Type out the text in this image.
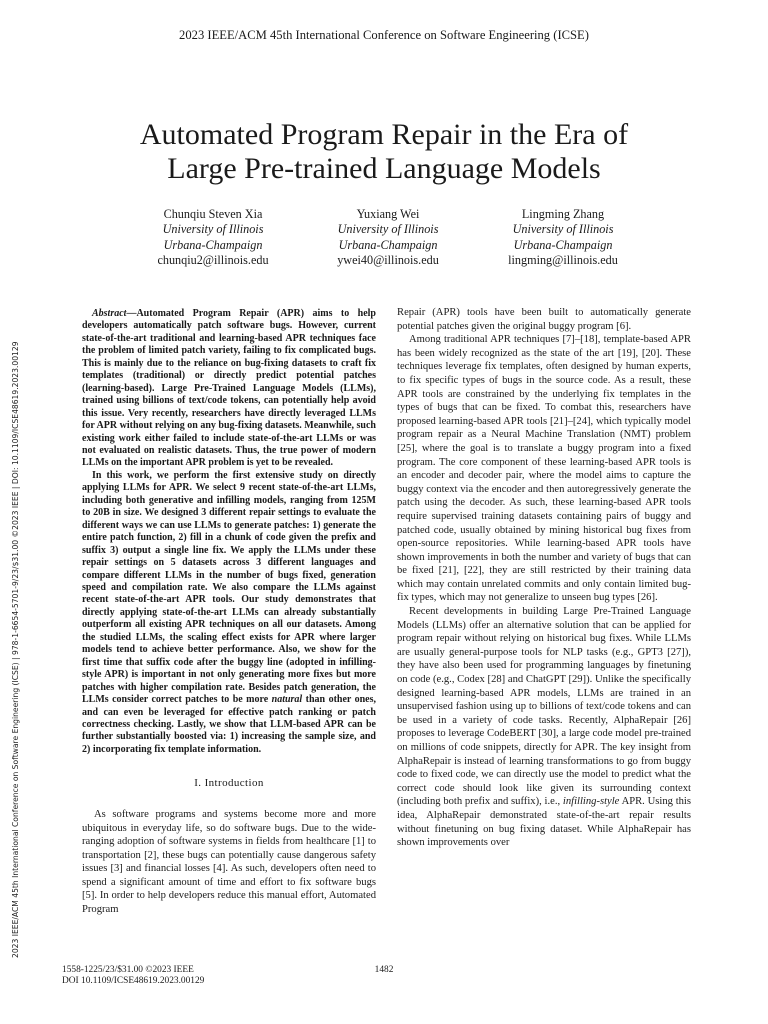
2023 IEEE/ACM 45th International Conference on Software Engineering (ICSE)
Automated Program Repair in the Era of
Large Pre-trained Language Models
Chunqiu Steven Xia
University of Illinois
Urbana-Champaign
chunqiu2@illinois.edu
Yuxiang Wei
University of Illinois
Urbana-Champaign
ywei40@illinois.edu
Lingming Zhang
University of Illinois
Urbana-Champaign
lingming@illinois.edu
2023 IEEE/ACM 45th International Conference on Software Engineering (ICSE) | 978-1-6654-5701-9/23/$31.00 ©2023 IEEE | DOI: 10.1109/ICSE48619.2023.00129

Abstract—Automated Program Repair (APR) aims to help developers automatically patch software bugs. However, current state-of-the-art traditional and learning-based APR techniques face the problem of limited patch variety, failing to fix complicated bugs. This is mainly due to the reliance on bug-fixing datasets to craft fix templates (traditional) or directly predict potential patches (learning-based). Large Pre-Trained Language Models (LLMs), trained using billions of text/code tokens, can potentially help avoid this issue. Very recently, researchers have directly leveraged LLMs for APR without relying on any bug-fixing datasets. Meanwhile, such existing work either failed to include state-of-the-art LLMs or was not evaluated on realistic datasets. Thus, the true power of modern LLMs on the important APR problem is yet to be revealed.

In this work, we perform the first extensive study on directly applying LLMs for APR. We select 9 recent state-of-the-art LLMs, including both generative and infilling models, ranging from 125M to 20B in size. We designed 3 different repair settings to evaluate the different ways we can use LLMs to generate patches: 1) generate the entire patch function, 2) fill in a chunk of code given the prefix and suffix 3) output a single line fix. We apply the LLMs under these repair settings on 5 datasets across 3 different languages and compare different LLMs in the number of bugs fixed, generation speed and compilation rate. We also compare the LLMs against recent state-of-the-art APR tools. Our study demonstrates that directly applying state-of-the-art LLMs can already substantially outperform all existing APR techniques on all our datasets. Among the studied LLMs, the scaling effect exists for APR where larger models tend to achieve better performance. Also, we show for the first time that suffix code after the buggy line (adopted in infilling-style APR) is important in not only generating more fixes but more patches with higher compilation rate. Besides patch generation, the LLMs consider correct patches to be more natural than other ones, and can even be leveraged for effective patch ranking or patch correctness checking. Lastly, we show that LLM-based APR can be further substantially boosted via: 1) increasing the sample size, and 2) incorporating fix template information.

I. Introduction

As software programs and systems become more and more ubiquitous in everyday life, so do software bugs. Due to the wide-ranging adoption of software systems in fields from healthcare [1] to transportation [2], these bugs can potentially cause dangerous safety issues [3] and financial losses [4]. As such, developers often need to spend a significant amount of time and effort to fix software bugs [5]. In order to help developers reduce this manual effort, Automated Program

Repair (APR) tools have been built to automatically generate potential patches given the original buggy program [6].

Among traditional APR techniques [7]–[18], template-based APR has been widely recognized as the state of the art [19], [20]. These techniques leverage fix templates, often designed by human experts, to fix specific types of bugs in the source code. As a result, these APR tools are constrained by the underlying fix templates in the types of bugs that can be fixed. To combat this, researchers have proposed learning-based APR tools [21]–[24], which typically model program repair as a Neural Machine Translation (NMT) problem [25], where the goal is to translate a buggy program into a fixed program. The core component of these learning-based APR tools is an encoder and decoder pair, where the model aims to capture the buggy context via the encoder and then autoregressively generate the patch using the decoder. As such, these learning-based APR tools require supervised training datasets containing pairs of buggy and patched code, usually obtained by mining historical bug fixes from open-source repositories. While learning-based APR tools have shown improvements in both the number and variety of bugs that can be fixed [21], [22], they are still restricted by their training data which may contain unrelated commits and only contain limited bug-fix types, which may not generalize to unseen bug types [26].

Recent developments in building Large Pre-Trained Language Models (LLMs) offer an alternative solution that can be applied for program repair without relying on historical bug fixes. While LLMs are usually general-purpose tools for NLP tasks (e.g., GPT3 [27]), they have also been used for programming languages by finetuning on code (e.g., Codex [28] and ChatGPT [29]). Unlike the specifically designed learning-based APR models, LLMs are trained in an unsupervised fashion using up to billions of text/code tokens and can be used in a variety of code tasks. Recently, AlphaRepair [26] proposes to leverage CodeBERT [30], a large code model pre-trained on millions of code snippets, directly for APR. The key insight from AlphaRepair is instead of learning transformations to go from buggy code to fixed code, we can directly use the model to predict what the correct code should look like given its surrounding context (including both prefix and suffix), i.e., infilling-style APR. Using this idea, AlphaRepair demonstrated state-of-the-art repair results without finetuning on bug fixing dataset. While AlphaRepair has shown improvements over

1558-1225/23/$31.00 ©2023 IEEE
DOI 10.1109/ICSE48619.2023.00129
1482
